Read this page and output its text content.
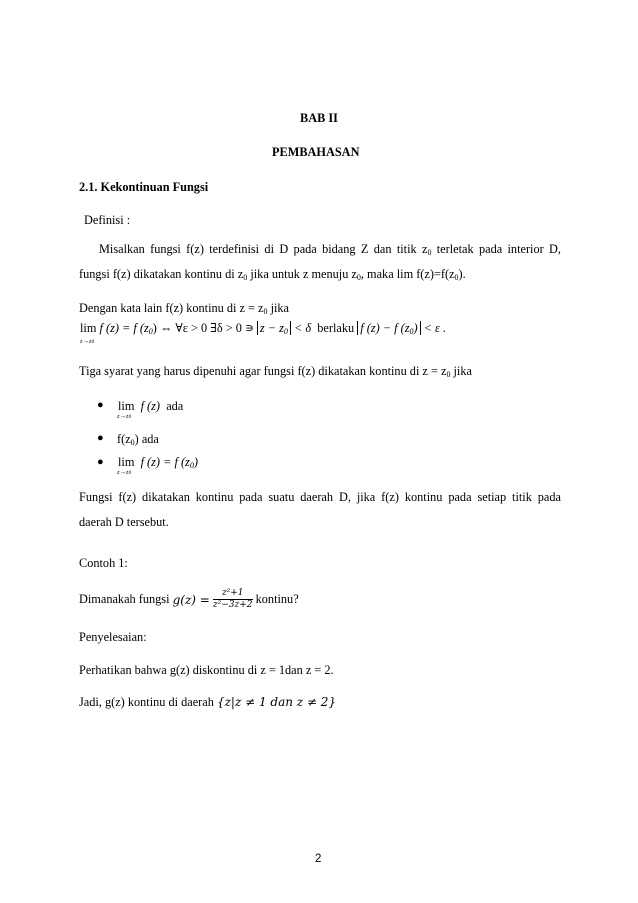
BAB II
PEMBAHASAN
2.1. Kekontinuan Fungsi
Definisi :
Misalkan fungsi f(z) terdefinisi di D pada bidang Z dan titik $z_0$ terletak pada interior D,
fungsi f(z) dikatakan kontinu di $z_0$ jika untuk z menuju $z_0$, maka $\lim f(z)=f(z_0)$.
Dengan kata lain f(z) kontinu di $z = z_0$ jika
lim f (z) = f $(z_0)$ ⇔ ∀ε > 0 ∃δ > 0 ∍ $z - z_0 < \delta$ berlaku f (z) − f $(z_0) < \varepsilon$ .
z→z0
Tiga syarat yang harus dipenuhi agar fungsi f(z) dikatakan kontinu di $z = z_0$ jika
● lim f (z) ada
z→z0
● $f(z_0)$ ada
● lim f (z) = f $(z_0)$
z→z0
Fungsi f(z) dikatakan kontinu pada suatu daerah D, jika f(z) kontinu pada setiap titik pada
daerah D tersebut.
Contoh 1:
Dimanakah fungsi
g(z) =
$\frac{\text{z²+1}}{\text{z²−3z+2}}$
kontinu?
Penyelesaian:
Perhatikan bahwa g(z) diskontinu di z = 1dan z = 2.
Jadi, g(z) kontinu di daerah {z|z ≠ 1 dan z ≠ 2}
2
